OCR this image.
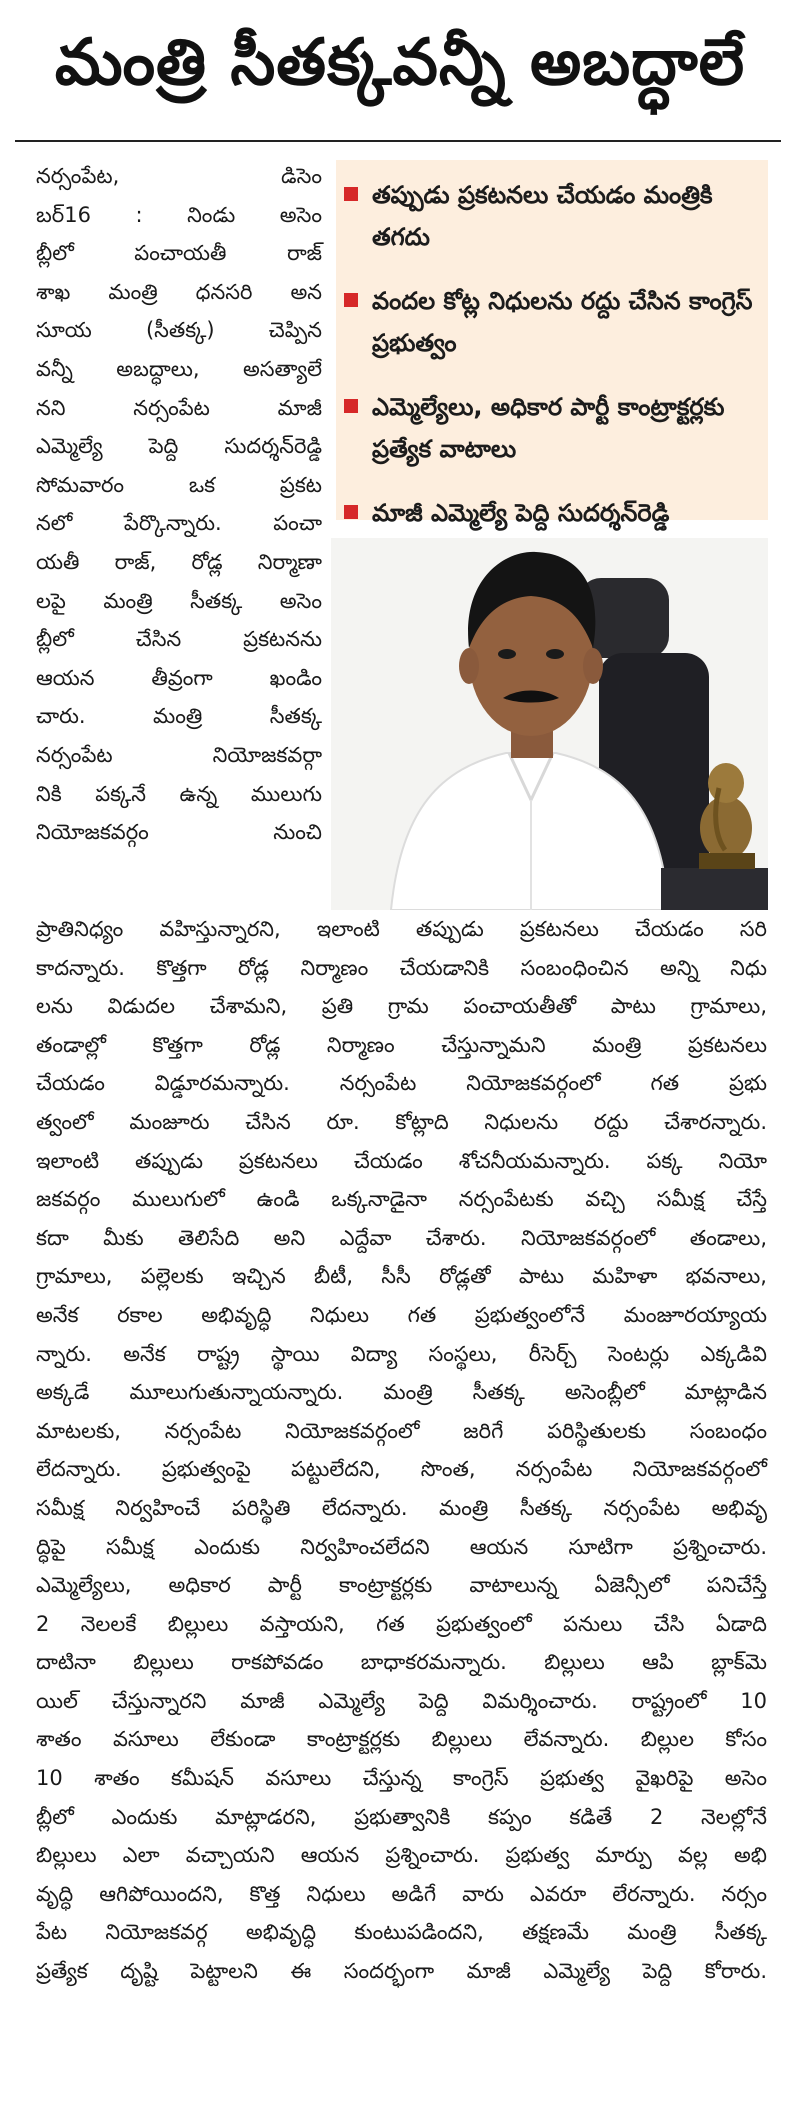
మంత్రి సీతక్కవన్నీ అబద్ధాలే

నర్సంపేట, డిసెం

బర్16 : నిండు అసెం

బ్లీలో పంచాయతీ రాజ్

శాఖ మంత్రి ధనసరి అన

సూయ (సీతక్క) చెప్పిన

వన్నీ అబద్ధాలు, అసత్యాలే

నని నర్సంపేట మాజీ

ఎమ్మెల్యే పెద్ది సుదర్శన్‌రెడ్డి

సోమవారం ఒక ప్రకట

నలో పేర్కొన్నారు. పంచా

యతీ రాజ్, రోడ్ల నిర్మాణా

లపై మంత్రి సీతక్క అసెం

బ్లీలో చేసిన ప్రకటనను

ఆయన తీవ్రంగా ఖండిం

చారు. మంత్రి సీతక్క

నర్సంపేట నియోజకవర్గా

నికి పక్కనే ఉన్న ములుగు

నియోజకవర్గం నుంచి

తప్పుడు ప్రకటనలు చేయడం మంత్రికి తగదు
వందల కోట్ల నిధులను రద్దు చేసిన కాంగ్రెస్ ప్రభుత్వం
ఎమ్మెల్యేలు, అధికార పార్టీ కాంట్రాక్టర్లకు ప్రత్యేక వాటాలు
మాజీ ఎమ్మెల్యే పెద్ది సుదర్శన్‌రెడ్డి

ప్రాతినిధ్యం వహిస్తున్నారని, ఇలాంటి తప్పుడు ప్రకటనలు చేయడం సరి

కాదన్నారు. కొత్తగా రోడ్ల నిర్మాణం చేయడానికి సంబంధించిన అన్ని నిధు

లను విడుదల చేశామని, ప్రతి గ్రామ పంచాయతీతో పాటు గ్రామాలు,

తండాల్లో కొత్తగా రోడ్ల నిర్మాణం చేస్తున్నామని మంత్రి ప్రకటనలు

చేయడం విడ్డూరమన్నారు. నర్సంపేట నియోజకవర్గంలో గత ప్రభు

త్వంలో మంజూరు చేసిన రూ. కోట్లాది నిధులను రద్దు చేశారన్నారు.

ఇలాంటి తప్పుడు ప్రకటనలు చేయడం శోచనీయమన్నారు. పక్క నియో

జకవర్గం ములుగులో ఉండి ఒక్కనాడైనా నర్సంపేటకు వచ్చి సమీక్ష చేస్తే

కదా మీకు తెలిసేది అని ఎద్దేవా చేశారు. నియోజకవర్గంలో తండాలు,

గ్రామాలు, పల్లెలకు ఇచ్చిన బీటీ, సీసీ రోడ్లతో పాటు మహిళా భవనాలు,

అనేక రకాల అభివృద్ధి నిధులు గత ప్రభుత్వంలోనే మంజూరయ్యాయ

న్నారు. అనేక రాష్ట్ర స్థాయి విద్యా సంస్థలు, రీసెర్చ్ సెంటర్లు ఎక్కడివి

అక్కడే మూలుగుతున్నాయన్నారు. మంత్రి సీతక్క అసెంబ్లీలో మాట్లాడిన

మాటలకు, నర్సంపేట నియోజకవర్గంలో జరిగే పరిస్థితులకు సంబంధం

లేదన్నారు. ప్రభుత్వంపై పట్టులేదని, సొంత, నర్సంపేట నియోజకవర్గంలో

సమీక్ష నిర్వహించే పరిస్థితి లేదన్నారు. మంత్రి సీతక్క నర్సంపేట అభివృ

ద్ధిపై సమీక్ష ఎందుకు నిర్వహించలేదని ఆయన సూటిగా ప్రశ్నించారు.

ఎమ్మెల్యేలు, అధికార పార్టీ కాంట్రాక్టర్లకు వాటాలున్న ఏజెన్సీలో పనిచేస్తే

2 నెలలకే బిల్లులు వస్తాయని, గత ప్రభుత్వంలో పనులు చేసి ఏడాది

దాటినా బిల్లులు రాకపోవడం బాధాకరమన్నారు. బిల్లులు ఆపి బ్లాక్‌మె

యిల్ చేస్తున్నారని మాజీ ఎమ్మెల్యే పెద్ది విమర్శించారు. రాష్ట్రంలో 10

శాతం వసూలు లేకుండా కాంట్రాక్టర్లకు బిల్లులు లేవన్నారు. బిల్లుల కోసం

10 శాతం కమీషన్ వసూలు చేస్తున్న కాంగ్రెస్ ప్రభుత్వ వైఖరిపై అసెం

బ్లీలో ఎందుకు మాట్లాడరని, ప్రభుత్వానికి కప్పం కడితే 2 నెలల్లోనే

బిల్లులు ఎలా వచ్చాయని ఆయన ప్రశ్నించారు. ప్రభుత్వ మార్పు వల్ల అభి

వృద్ధి ఆగిపోయిందని, కొత్త నిధులు అడిగే వారు ఎవరూ లేరన్నారు. నర్సం

పేట నియోజకవర్గ అభివృద్ధి కుంటుపడిందని, తక్షణమే మంత్రి సీతక్క

ప్రత్యేక దృష్టి పెట్టాలని ఈ సందర్భంగా మాజీ ఎమ్మెల్యే పెద్ది కోరారు.
